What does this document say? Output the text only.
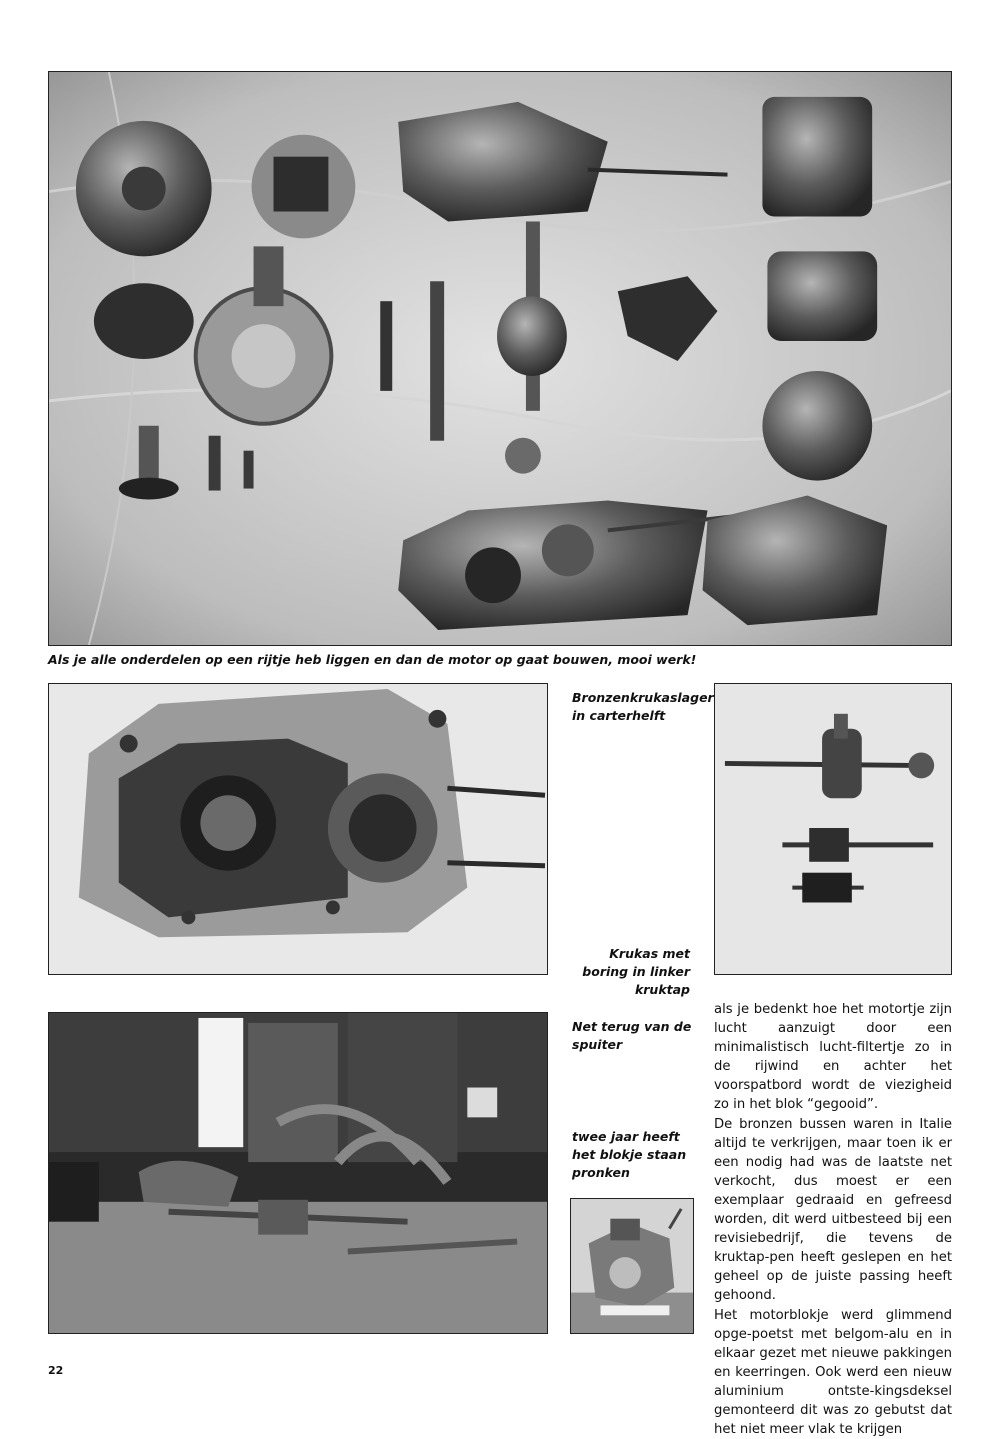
Als je alle onderdelen op een rijtje heb liggen en dan de motor op gaat bouwen, mooi werk!
Bronzenkrukaslager in carterhelft
Krukas met boring in linker kruktap
Net terug van de spuiter
twee jaar heeft het blokje staan pronken

als je bedenkt hoe het motortje zijn lucht aanzuigt door een minimalistisch lucht-filtertje zo in de rijwind en achter het voorspatbord wordt de viezigheid zo in het blok “gegooid”.

De bronzen bussen waren in Italie altijd te verkrijgen, maar toen ik er een nodig had was de laatste net verkocht, dus moest er een exemplaar gedraaid en gefreesd worden, dit werd uitbesteed bij een revisiebedrijf, die tevens de kruktap-pen heeft geslepen en het geheel op de juiste passing heeft gehoond.

Het motorblokje werd glimmend opge-poetst met belgom-alu en in elkaar gezet met nieuwe pakkingen en keerringen. Ook werd een nieuw aluminium ontste-kingsdeksel gemonteerd dit was zo gebutst dat het niet meer vlak te krijgen

22
